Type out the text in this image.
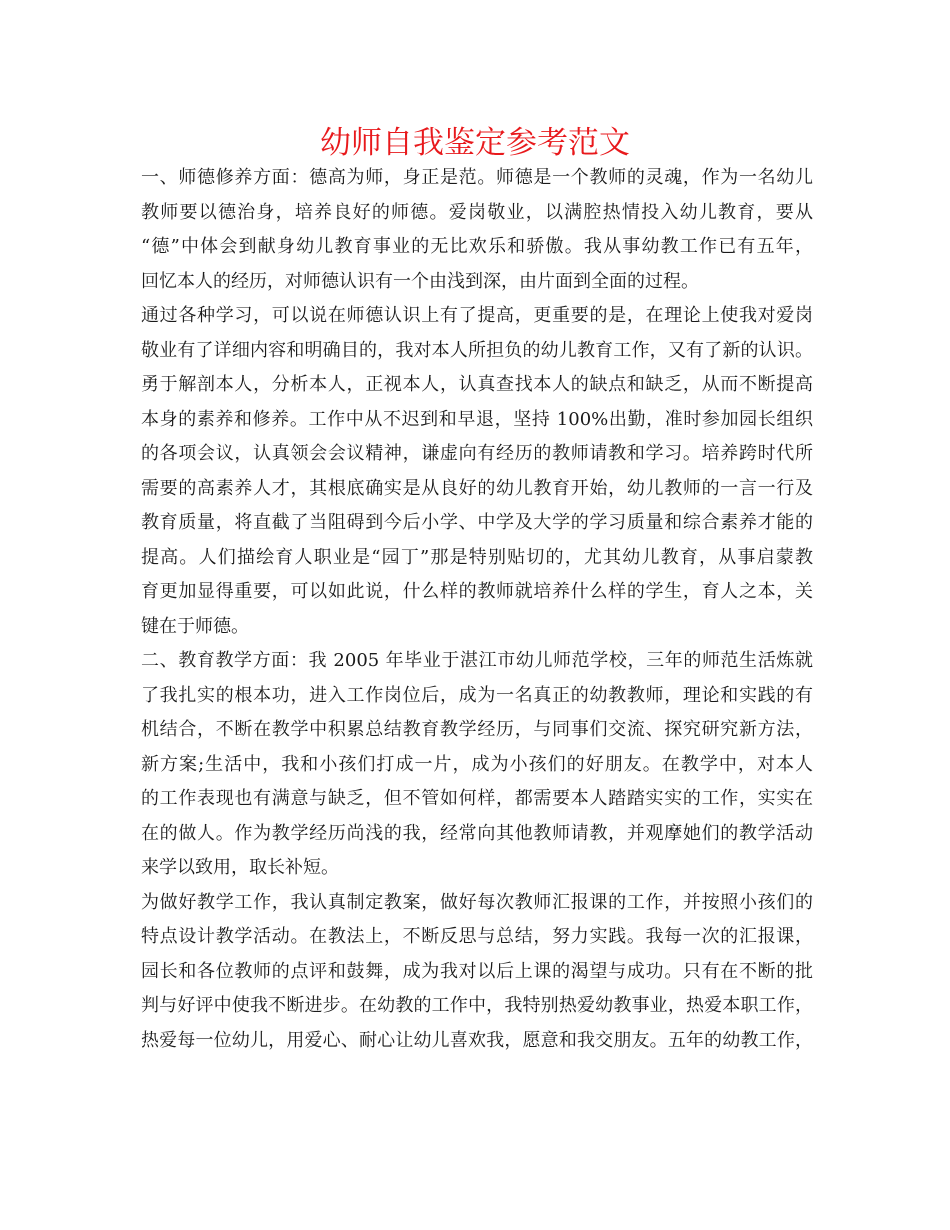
幼师自我鉴定参考范文
一、师德修养方面：德高为师，身正是范。师德是一个教师的灵魂，作为一名幼儿
教师要以德治身，培养良好的师德。爱岗敬业，以满腔热情投入幼儿教育，要从
“德”中体会到献身幼儿教育事业的无比欢乐和骄傲。我从事幼教工作已有五年，
回忆本人的经历，对师德认识有一个由浅到深，由片面到全面的过程。
通过各种学习，可以说在师德认识上有了提高，更重要的是，在理论上使我对爱岗
敬业有了详细内容和明确目的，我对本人所担负的幼儿教育工作，又有了新的认识。
勇于解剖本人，分析本人，正视本人，认真查找本人的缺点和缺乏，从而不断提高
本身的素养和修养。工作中从不迟到和早退，坚持 100%出勤，准时参加园长组织
的各项会议，认真领会会议精神，谦虚向有经历的教师请教和学习。培养跨时代所
需要的高素养人才，其根底确实是从良好的幼儿教育开始，幼儿教师的一言一行及
教育质量，将直截了当阻碍到今后小学、中学及大学的学习质量和综合素养才能的
提高。人们描绘育人职业是“园丁”那是特别贴切的，尤其幼儿教育，从事启蒙教
育更加显得重要，可以如此说，什么样的教师就培养什么样的学生，育人之本，关
键在于师德。
二、教育教学方面：我 2005 年毕业于湛江市幼儿师范学校，三年的师范生活炼就
了我扎实的根本功，进入工作岗位后，成为一名真正的幼教教师，理论和实践的有
机结合，不断在教学中积累总结教育教学经历，与同事们交流、探究研究新方法，
新方案;生活中，我和小孩们打成一片，成为小孩们的好朋友。在教学中，对本人
的工作表现也有满意与缺乏，但不管如何样，都需要本人踏踏实实的工作，实实在
在的做人。作为教学经历尚浅的我，经常向其他教师请教，并观摩她们的教学活动
来学以致用，取长补短。
为做好教学工作，我认真制定教案，做好每次教师汇报课的工作，并按照小孩们的
特点设计教学活动。在教法上，不断反思与总结，努力实践。我每一次的汇报课，
园长和各位教师的点评和鼓舞，成为我对以后上课的渴望与成功。只有在不断的批
判与好评中使我不断进步。在幼教的工作中，我特别热爱幼教事业，热爱本职工作，
热爱每一位幼儿，用爱心、耐心让幼儿喜欢我，愿意和我交朋友。五年的幼教工作，
